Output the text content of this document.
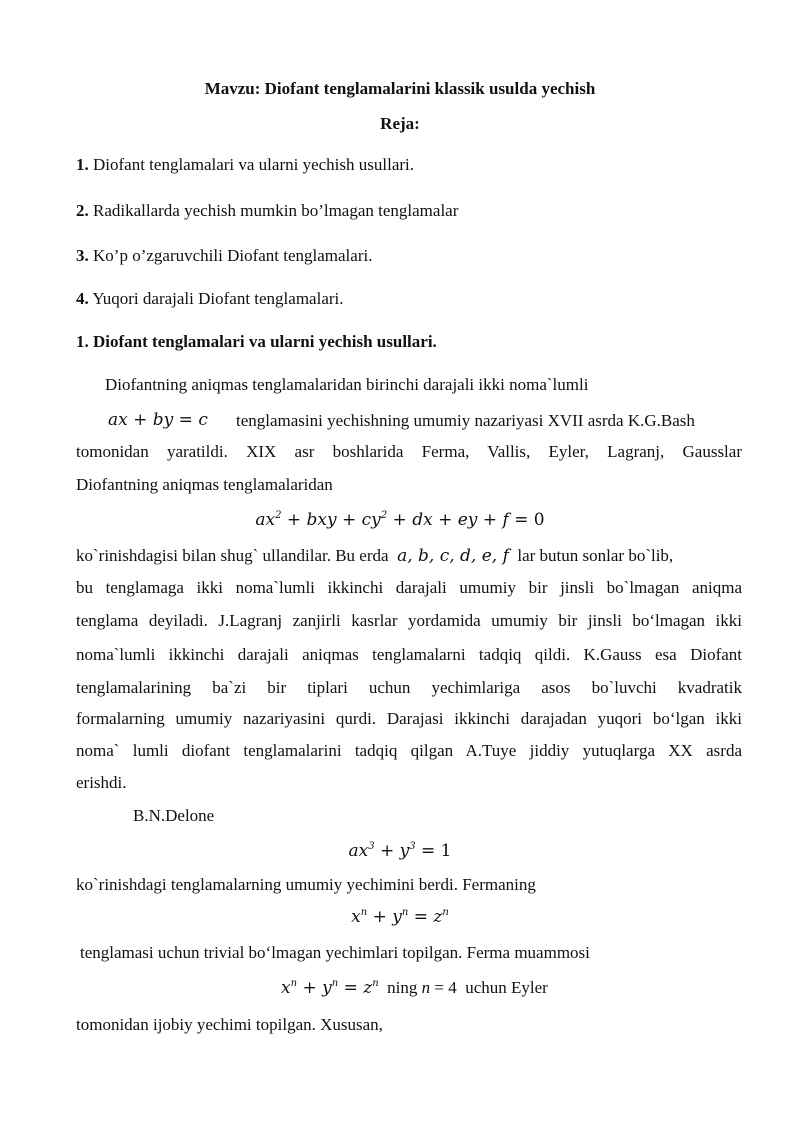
Mavzu: Diofant tenglamalarini klassik usulda yechish
Reja:
1. Diofant tenglamalari va ularni yechish usullari.
2. Radikallarda yechish mumkin bo’lmagan tenglamalar
3. Ko’p o’zgaruvchili Diofant tenglamalari.
4. Yuqori darajali Diofant tenglamalari.
1. Diofant tenglamalari va ularni yechish usullari.
Diofantning aniqmas tenglamalaridan birinchi darajali ikki noma`lumli
ax + by = c tenglamasini yechishning umumiy nazariyasi XVII asrda K.G.Bash
tomonidan yaratildi. XIX asr boshlarida Ferma, Vallis, Eyler, Lagranj, Gausslar
Diofantning aniqmas tenglamalaridan
$ax^2$ + bxy + $cy^2$ + dx + ey + f = 0
ko`rinishdagisi bilan shug` ullandilar. Bu erda a, b, c, d, e, f lar butun sonlar bo`lib,
bu tenglamaga ikki noma`lumli ikkinchi darajali umumiy bir jinsli bo`lmagan aniqma
tenglama deyiladi. J.Lagranj zanjirli kasrlar yordamida umumiy bir jinsli bo‘lmagan ikki
noma`lumli ikkinchi darajali aniqmas tenglamalarni tadqiq qildi. K.Gauss esa Diofant
tenglamalarining ba`zi bir tiplari uchun yechimlariga asos bo`luvchi kvadratik
formalarning umumiy nazariyasini qurdi. Darajasi ikkinchi darajadan yuqori bo‘lgan ikki
noma` lumli diofant tenglamalarini tadqiq qilgan A.Tuye jiddiy yutuqlarga XX asrda
erishdi.
B.N.Delone
$ax^3 + y^3 = 1$
ko`rinishdagi tenglamalarning umumiy yechimini berdi. Fermaning
$x^n + y^n = z^n$
tenglamasi uchun trivial bo‘lmagan yechimlari topilgan. Ferma muammosi
$x^n + y^n = z^n$ ning n = 4 uchun Eyler
tomonidan ijobiy yechimi topilgan. Xususan,
